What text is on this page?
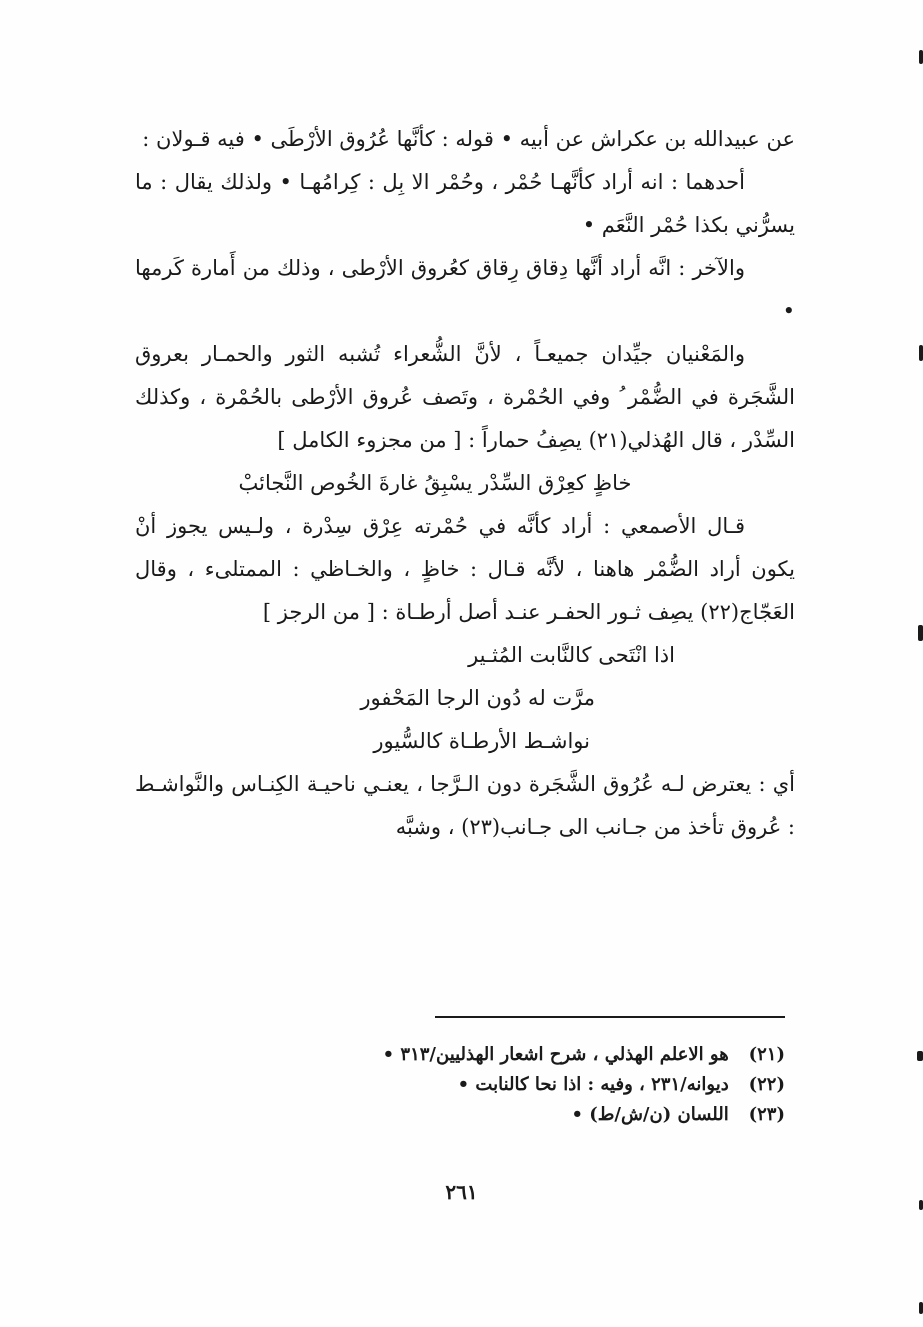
عن عبيدالله بن عكراش عن أبيه • قوله : كأنَّها عُرُوق الأرْطَى • فيه قـولان :

أحدهما : انه أراد كأنَّهـا حُمْر ، وحُمْر الا بِل : كِرامُهـا • ولذلك يقال : ما يسرُّني بكذا حُمْر النَّعَم •

والآخر : انَّه أراد أنَّها دِقاق رِقاق كعُروق الأرْطى ، وذلك من أَمارة كَرمها •

والمَعْنيان جيِّدان جميعـاً ، لأنَّ الشُّعراء تُشبه الثور والحمـار بعروق الشَّجَرة في الضُّمْر ُ وفي الحُمْرة ، وتَصف عُروق الأرْطى بالحُمْرة ، وكذلك السِّدْر ، قال الهُذلي(٢١) يصِفُ حماراً : [ من مجزوء الكامل ]

خاظٍ كعِرْق السِّدْر يسْبِقُ غارةَ الخُوص النَّجائبْ

قـال الأصمعي : أراد كأنَّه في حُمْرته عِرْق سِدْرة ، ولـيس يجوز أنْ يكون أراد الضُّمْر هاهنا ، لأنَّه قـال : خاظٍ ، والخـاظي : الممتلىء ، وقال العَجّاج(٢٢) يصِف ثـور الحفـر عنـد أصل أرطـاة : [ من الرجز ]

اذا انْتَحى كالنَّابت المُثـير

مرَّت له دُون الرجا المَحْفور

نواشـط الأرطـاة كالسُّيور

أي : يعترض لـه عُرُوق الشَّجَرة دون الـرَّجا ، يعنـي ناحيـة الكِنـاس والنَّواشـط : عُروق تأخذ من جـانب الى جـانب(٢٣) ، وشبَّه

(٢١) هو الاعلم الهذلي ، شرح اشعار الهذليين/٣١٣ •

(٢٢) ديوانه/٢٣١ ، وفيه : اذا نحا كالنابت •

(٢٣) اللسان (ن/ش/ط) •

٢٦١
